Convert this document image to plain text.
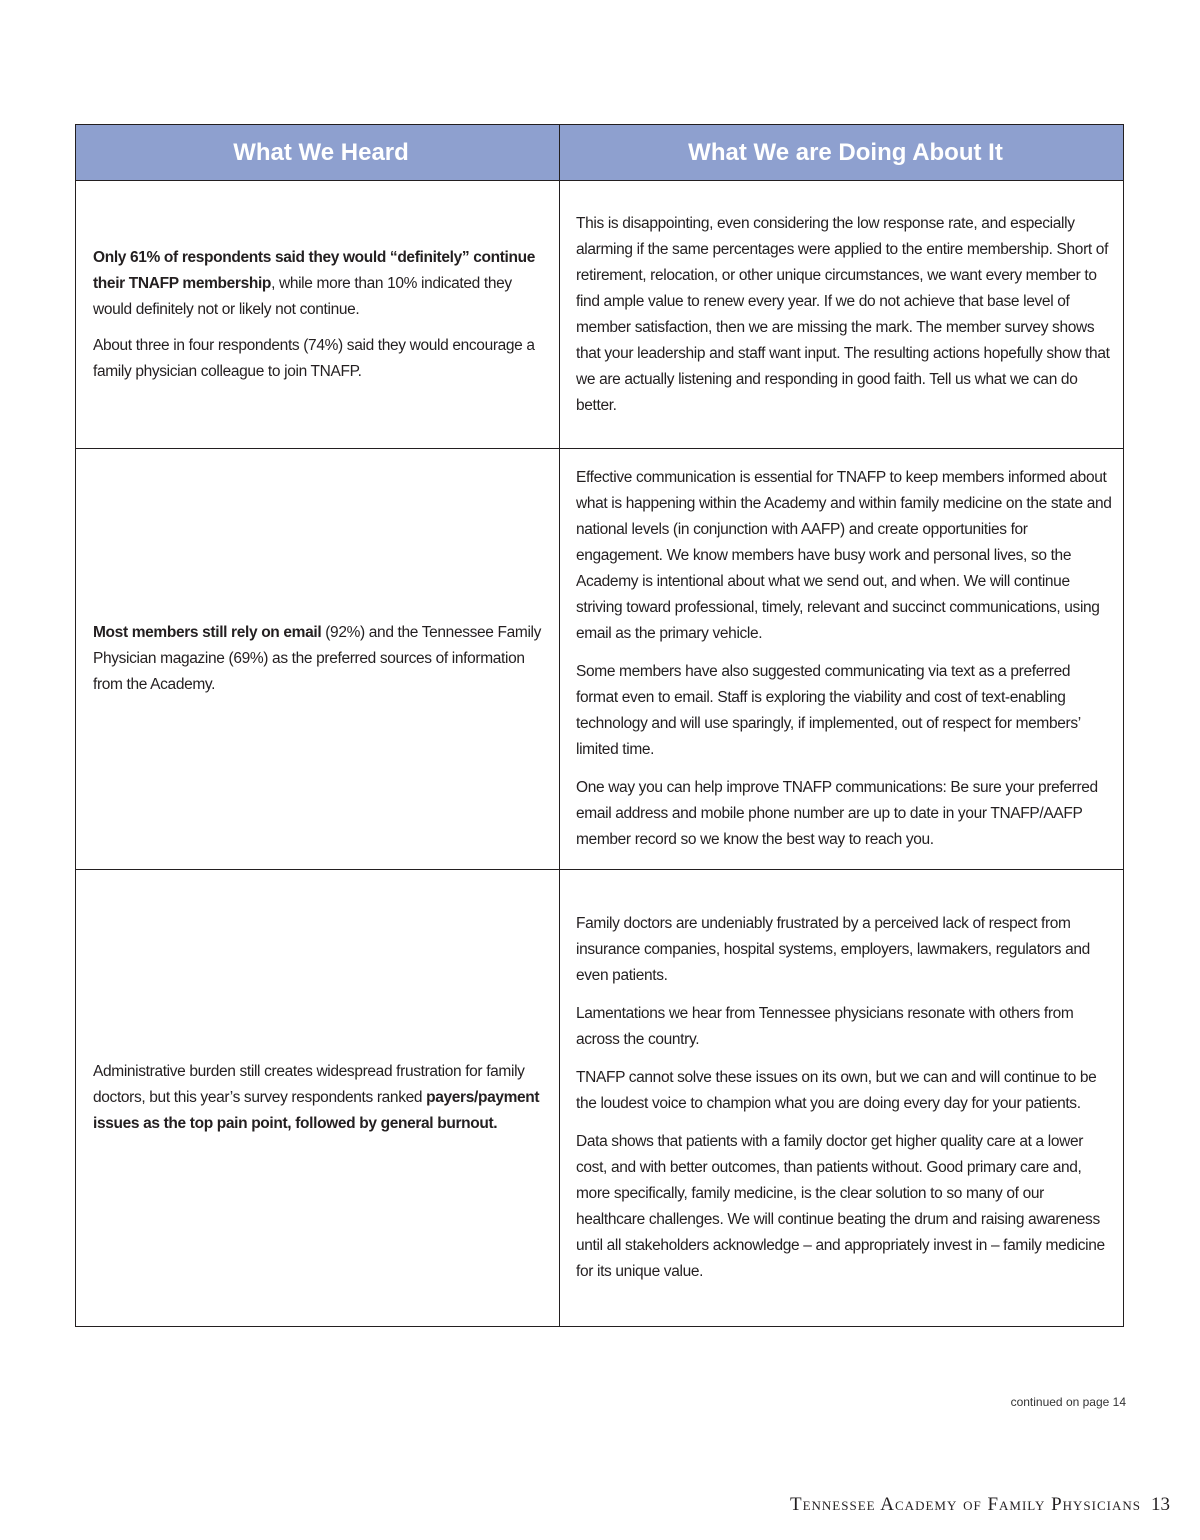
What We Heard	What We are Doing About It

Only 61% of respondents said they would “definitely” continue their TNAFP membership, while more than 10% indicated they would definitely not or likely not continue.

About three in four respondents (74%) said they would encourage a family physician colleague to join TNAFP.

This is disappointing, even considering the low response rate, and especially alarming if the same percentages were applied to the entire membership. Short of retirement, relocation, or other unique circumstances, we want every member to find ample value to renew every year. If we do not achieve that base level of member satisfaction, then we are missing the mark. The member survey shows that your leadership and staff want input. The resulting actions hopefully show that we are actually listening and responding in good faith. Tell us what we can do better.

Most members still rely on email (92%) and the Tennessee Family Physician magazine (69%) as the preferred sources of information from the Academy.

Effective communication is essential for TNAFP to keep members informed about what is happening within the Academy and within family medicine on the state and national levels (in conjunction with AAFP) and create opportunities for engagement. We know members have busy work and personal lives, so the Academy is intentional about what we send out, and when. We will continue striving toward professional, timely, relevant and succinct communications, using email as the primary vehicle.

Some members have also suggested communicating via text as a preferred format even to email. Staff is exploring the viability and cost of text-enabling technology and will use sparingly, if implemented, out of respect for members’ limited time.

One way you can help improve TNAFP communications: Be sure your preferred email address and mobile phone number are up to date in your TNAFP/AAFP member record so we know the best way to reach you.

Administrative burden still creates widespread frustration for family doctors, but this year’s survey respondents ranked payers/payment issues as the top pain point, followed by general burnout.

Family doctors are undeniably frustrated by a perceived lack of respect from insurance companies, hospital systems, employers, lawmakers, regulators and even patients.

Lamentations we hear from Tennessee physicians resonate with others from across the country.

TNAFP cannot solve these issues on its own, but we can and will continue to be the loudest voice to champion what you are doing every day for your patients.

Data shows that patients with a family doctor get higher quality care at a lower cost, and with better outcomes, than patients without. Good primary care and, more specifically, family medicine, is the clear solution to so many of our healthcare challenges. We will continue beating the drum and raising awareness until all stakeholders acknowledge – and appropriately invest in – family medicine for its unique value.

continued on page 14
Tennessee Academy of Family Physicians 13
